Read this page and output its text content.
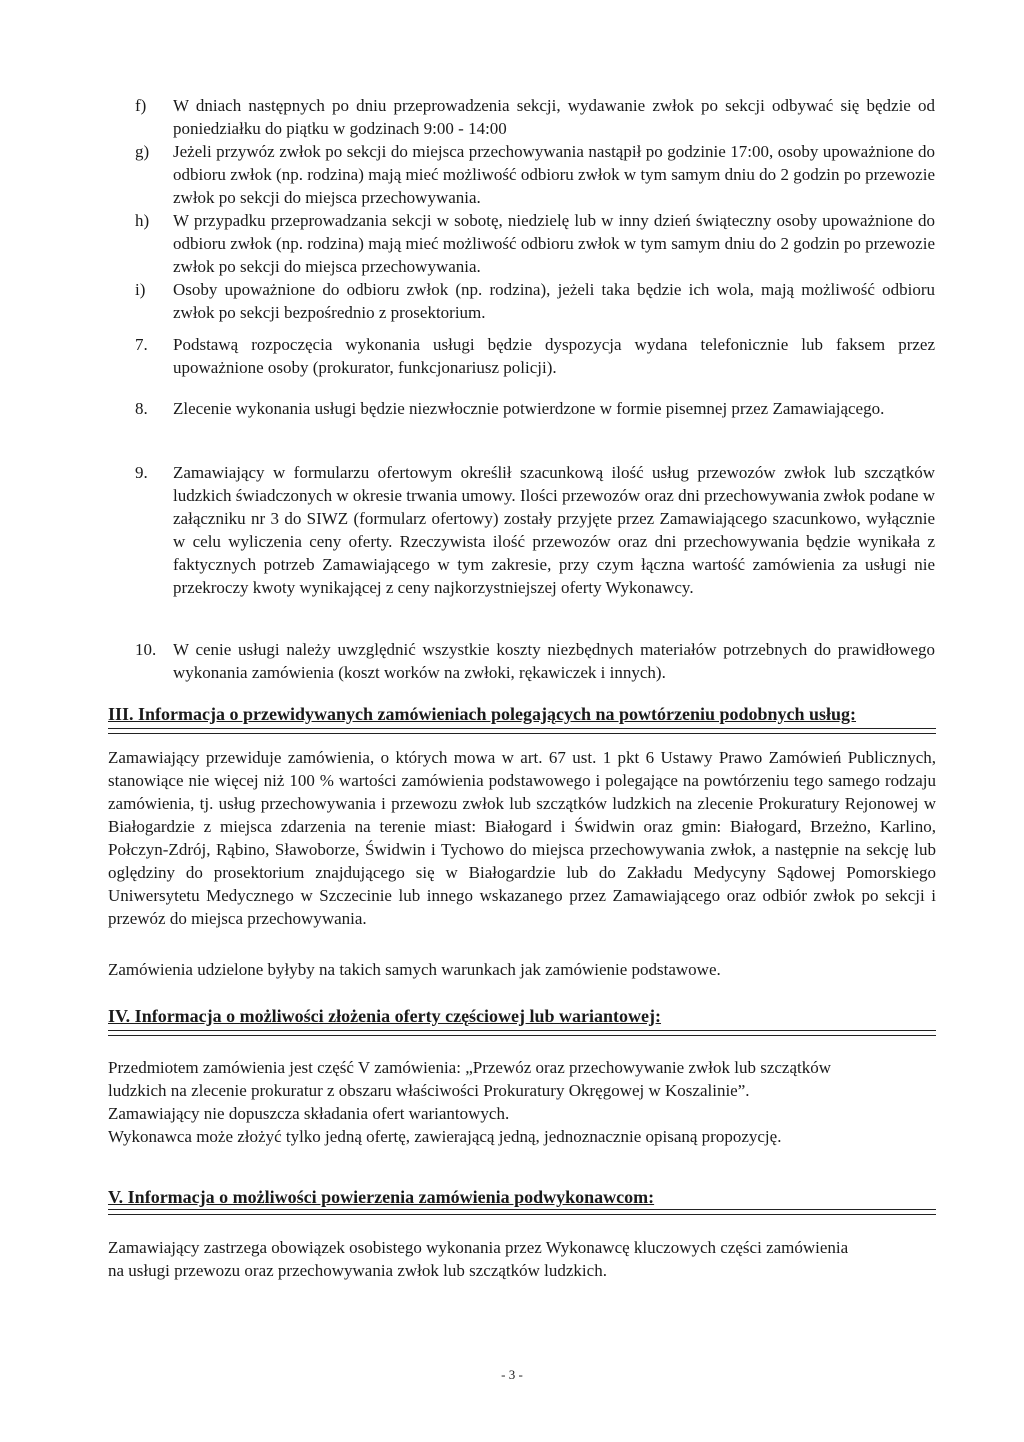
f) W dniach następnych po dniu przeprowadzenia sekcji, wydawanie zwłok po sekcji odbywać się będzie od poniedziałku do piątku w godzinach 9:00 - 14:00
g) Jeżeli przywóz zwłok po sekcji do miejsca przechowywania nastąpił po godzinie 17:00, osoby upoważnione do odbioru zwłok (np. rodzina) mają mieć możliwość odbioru zwłok w tym samym dniu do 2 godzin po przewozie zwłok po sekcji do miejsca przechowywania.
h) W przypadku przeprowadzania sekcji w sobotę, niedzielę lub w inny dzień świąteczny osoby upoważnione do odbioru zwłok (np. rodzina) mają mieć możliwość odbioru zwłok w tym samym dniu do 2 godzin po przewozie zwłok po sekcji do miejsca przechowywania.
i) Osoby upoważnione do odbioru zwłok (np. rodzina), jeżeli taka będzie ich wola, mają możliwość odbioru zwłok po sekcji bezpośrednio z prosektorium.
7. Podstawą rozpoczęcia wykonania usługi będzie dyspozycja wydana telefonicznie lub faksem przez upoważnione osoby (prokurator, funkcjonariusz policji).
8. Zlecenie wykonania usługi będzie niezwłocznie potwierdzone w formie pisemnej przez Zamawiającego.
9. Zamawiający w formularzu ofertowym określił szacunkową ilość usług przewozów zwłok lub szczątków ludzkich świadczonych w okresie trwania umowy. Ilości przewozów oraz dni przechowywania zwłok podane w załączniku nr 3 do SIWZ (formularz ofertowy) zostały przyjęte przez Zamawiającego szacunkowo, wyłącznie w celu wyliczenia ceny oferty. Rzeczywista ilość przewozów oraz dni przechowywania będzie wynikała z faktycznych potrzeb Zamawiającego w tym zakresie, przy czym łączna wartość zamówienia za usługi nie przekroczy kwoty wynikającej z ceny najkorzystniejszej oferty Wykonawcy.
10. W cenie usługi należy uwzględnić wszystkie koszty niezbędnych materiałów potrzebnych do prawidłowego wykonania zamówienia (koszt worków na zwłoki, rękawiczek i innych).
III. Informacja o przewidywanych zamówieniach polegających na powtórzeniu podobnych usług:
Zamawiający przewiduje zamówienia, o których mowa w art. 67 ust. 1 pkt 6 Ustawy Prawo Zamówień Publicznych, stanowiące nie więcej niż 100 % wartości zamówienia podstawowego i polegające na powtórzeniu tego samego rodzaju zamówienia, tj. usług przechowywania i przewozu zwłok lub szczątków ludzkich na zlecenie Prokuratury Rejonowej w Białogardzie z miejsca zdarzenia na terenie miast: Białogard i Świdwin oraz gmin: Białogard, Brzeżno, Karlino, Połczyn-Zdrój, Rąbino, Sławoborze, Świdwin i Tychowo do miejsca przechowywania zwłok, a następnie na sekcję lub oględziny do prosektorium znajdującego się w Białogardzie lub do Zakładu Medycyny Sądowej Pomorskiego Uniwersytetu Medycznego w Szczecinie lub innego wskazanego przez Zamawiającego oraz odbiór zwłok po sekcji i przewóz do miejsca przechowywania.
Zamówienia udzielone byłyby na takich samych warunkach jak zamówienie podstawowe.
IV. Informacja o możliwości złożenia oferty częściowej lub wariantowej:
Przedmiotem zamówienia jest część V zamówienia: „Przewóz oraz przechowywanie zwłok lub szczątków
ludzkich na zlecenie prokuratur z obszaru właściwości Prokuratury Okręgowej w Koszalinie”.
Zamawiający nie dopuszcza składania ofert wariantowych.
Wykonawca może złożyć tylko jedną ofertę, zawierającą jedną, jednoznacznie opisaną propozycję.
V. Informacja o możliwości powierzenia zamówienia podwykonawcom:
Zamawiający zastrzega obowiązek osobistego wykonania przez Wykonawcę kluczowych części zamówienia
na usługi przewozu oraz przechowywania zwłok lub szczątków ludzkich.
- 3 -
